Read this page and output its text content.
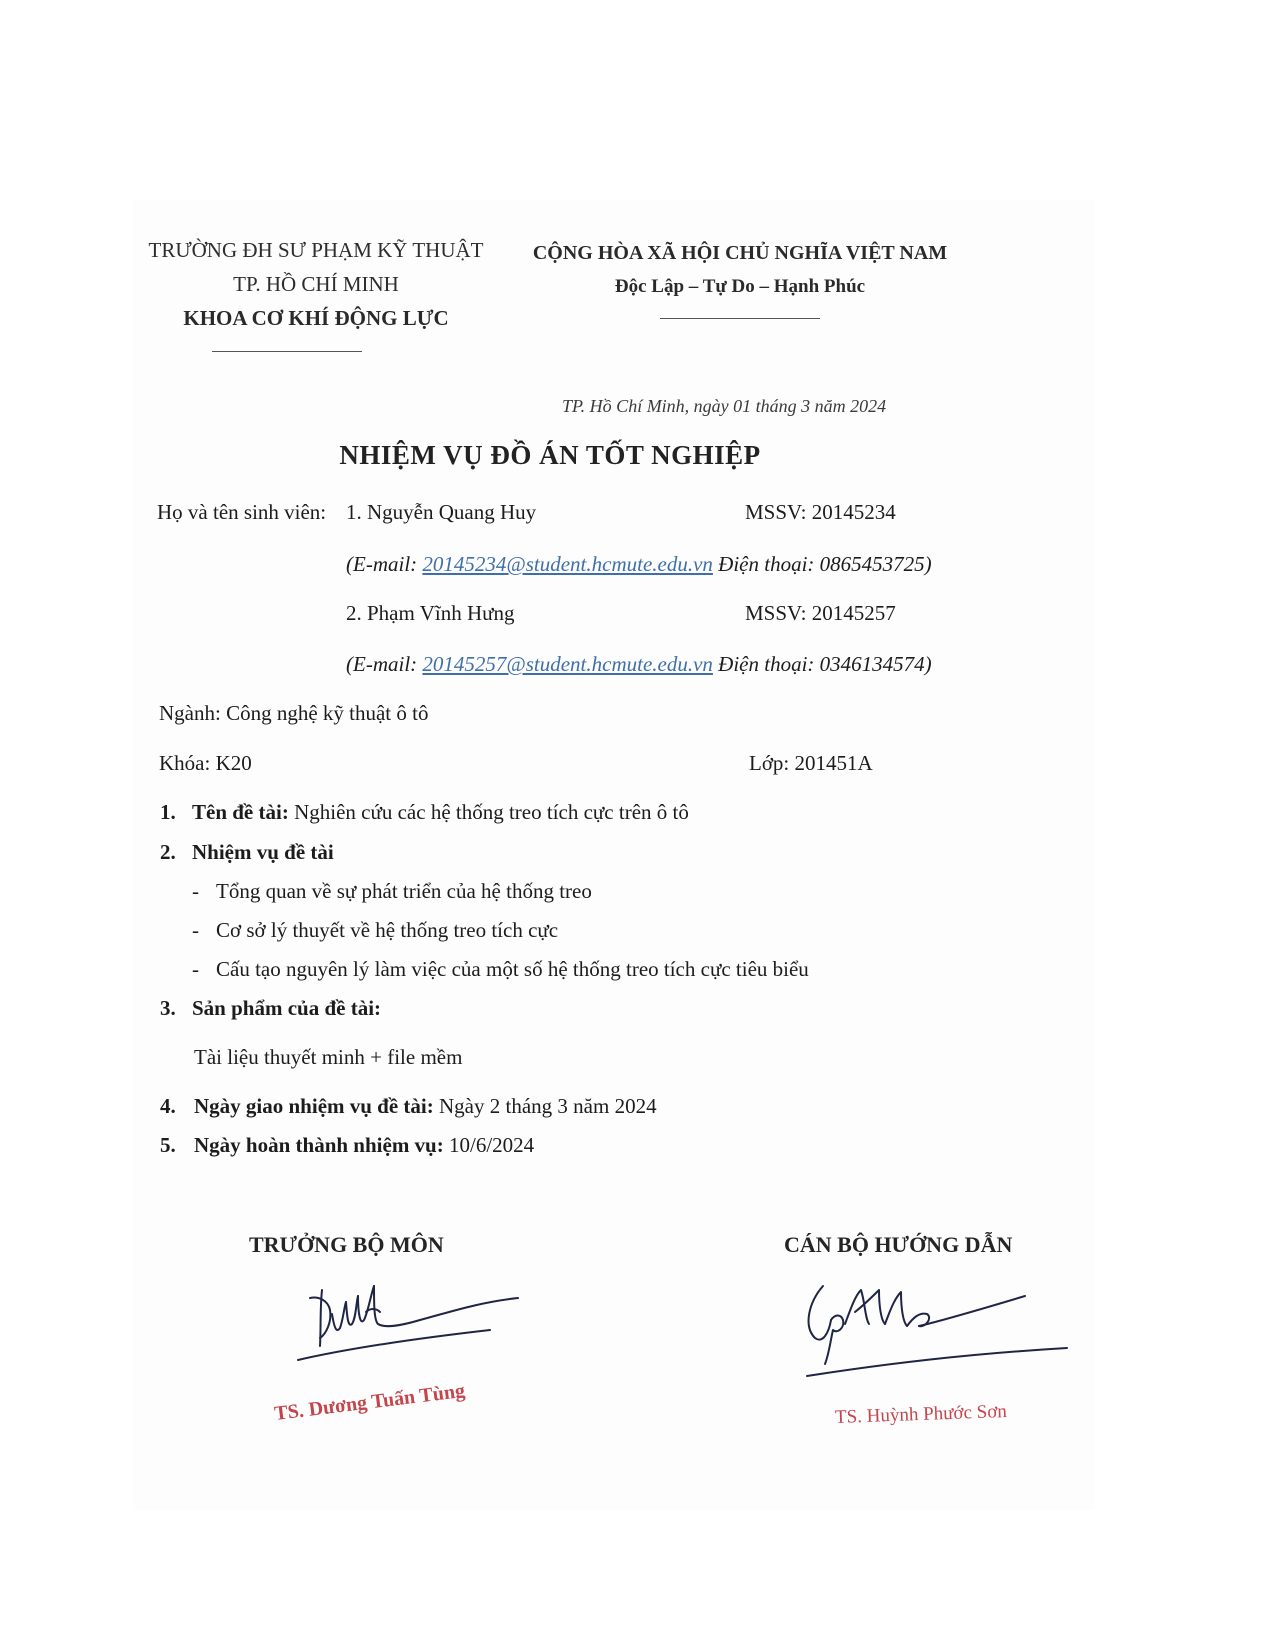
TRƯỜNG ĐH SƯ PHẠM KỸ THUẬT
TP. HỒ CHÍ MINH
KHOA CƠ KHÍ ĐỘNG LỰC
CỘNG HÒA XÃ HỘI CHỦ NGHĨA VIỆT NAM
Độc Lập – Tự Do – Hạnh Phúc
TP. Hồ Chí Minh, ngày 01 tháng 3 năm 2024
NHIỆM VỤ ĐỒ ÁN TỐT NGHIỆP
Họ và tên sinh viên: 1. Nguyễn Quang Huy	MSSV: 20145234
(E-mail: 20145234@student.hcmute.edu.vn Điện thoại: 0865453725)
2. Phạm Vĩnh Hưng	MSSV: 20145257
(E-mail: 20145257@student.hcmute.edu.vn Điện thoại: 0346134574)
Ngành: Công nghệ kỹ thuật ô tô
Khóa: K20	Lớp: 201451A
1. Tên đề tài: Nghiên cứu các hệ thống treo tích cực trên ô tô
2. Nhiệm vụ đề tài
- Tổng quan về sự phát triển của hệ thống treo
- Cơ sở lý thuyết về hệ thống treo tích cực
- Cấu tạo nguyên lý làm việc của một số hệ thống treo tích cực tiêu biểu
3. Sản phẩm của đề tài:
Tài liệu thuyết minh + file mềm
4. Ngày giao nhiệm vụ đề tài: Ngày 2 tháng 3 năm 2024
5. Ngày hoàn thành nhiệm vụ: 10/6/2024
TRƯỞNG BỘ MÔN	CÁN BỘ HƯỚNG DẪN
TS. Dương Tuấn Tùng	TS. Huỳnh Phước Sơn
